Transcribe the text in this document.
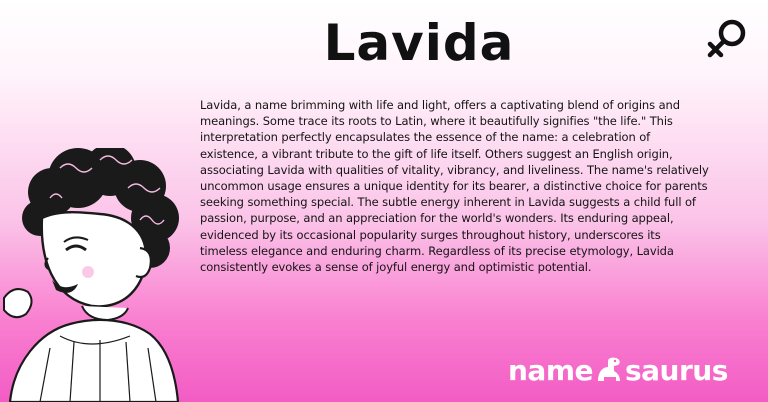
Lavida

Lavida, a name brimming with life and light, offers a captivating blend of origins and meanings. Some trace its roots to Latin, where it beautifully signifies "the life." This interpretation perfectly encapsulates the essence of the name: a celebration of existence, a vibrant tribute to the gift of life itself. Others suggest an English origin, associating Lavida with qualities of vitality, vibrancy, and liveliness. The name's relatively uncommon usage ensures a unique identity for its bearer, a distinctive choice for parents seeking something special. The subtle energy inherent in Lavida suggests a child full of passion, purpose, and an appreciation for the world's wonders. Its enduring appeal, evidenced by its occasional popularity surges throughout history, underscores its timeless elegance and enduring charm. Regardless of its precise etymology, Lavida consistently evokes a sense of joyful energy and optimistic potential.

name saurus
